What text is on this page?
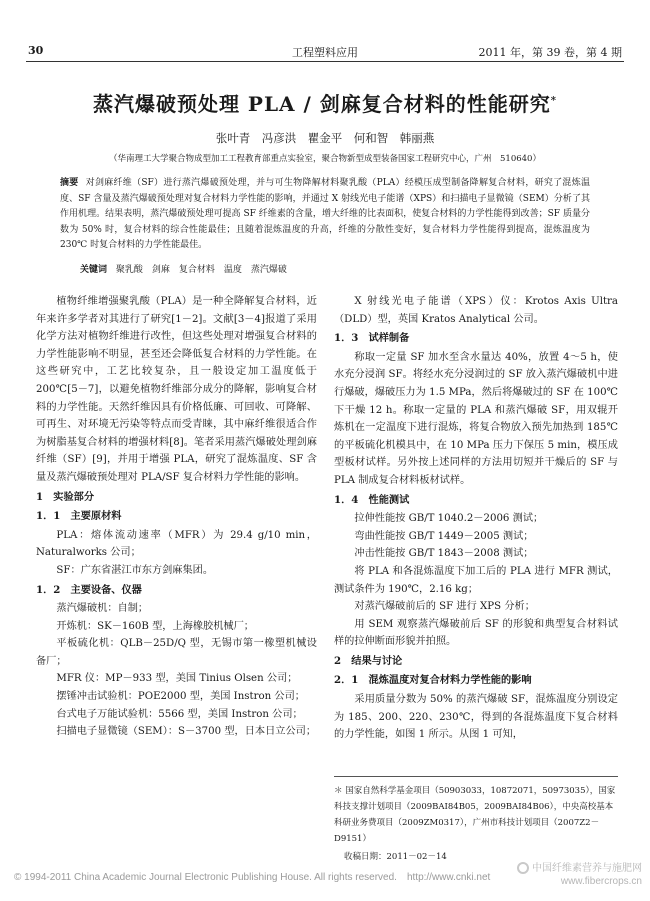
30	工程塑料应用	2011 年，第 39 卷，第 4 期
蒸汽爆破预处理 PLA / 剑麻复合材料的性能研究*
张叶青　冯彦洪　瞿金平　何和智　韩丽燕
（华南理工大学聚合物成型加工工程教育部重点实验室，聚合物新型成型装备国家工程研究中心，广州　510640）
摘要 对剑麻纤维（SF）进行蒸汽爆破预处理，并与可生物降解材料聚乳酸（PLA）经模压成型制备降解复合材料，研究了混炼温度、SF 含量及蒸汽爆破预处理对复合材料力学性能的影响，并通过 X 射线光电子能谱（XPS）和扫描电子显微镜（SEM）分析了其作用机理。结果表明，蒸汽爆破预处理可提高 SF 纤维素的含量，增大纤维的比表面积，使复合材料的力学性能得到改善；SF 质量分数为 50% 时，复合材料的综合性能最佳；且随着混炼温度的升高，纤维的分散性变好，复合材料力学性能得到提高，混炼温度为 230℃ 时复合材料的力学性能最佳。
关键词 聚乳酸　剑麻　复合材料　温度　蒸汽爆破

植物纤维增强聚乳酸（PLA）是一种全降解复合材料，近年来许多学者对其进行了研究[1－2]。文献[3－4]报道了采用化学方法对植物纤维进行改性，但这些处理对增强复合材料的力学性能影响不明显，甚至还会降低复合材料的力学性能。在这些研究中，工艺比较复杂，且一般设定加工温度低于 200℃[5－7]，以避免植物纤维部分成分的降解，影响复合材料的力学性能。天然纤维因具有价格低廉、可回收、可降解、可再生、对环境无污染等特点而受青睐，其中麻纤维很适合作为树脂基复合材料的增强材料[8]。笔者采用蒸汽爆破处理剑麻纤维（SF）[9]，并用于增强 PLA，研究了混炼温度、SF 含量及蒸汽爆破预处理对 PLA/SF 复合材料力学性能的影响。

1　实验部分
1．1　主要原材料

PLA：熔体流动速率（MFR）为 29.4 g/10 min，Naturalworks 公司；

SF：广东省湛江市东方剑麻集团。

1．2　主要设备、仪器

蒸汽爆破机：自制；

开炼机：SK－160B 型，上海橡胶机械厂；

平板硫化机：QLB－25D/Q 型，无锡市第一橡塑机械设备厂；

MFR 仪：MP－933 型，美国 Tinius Olsen 公司；

摆锤冲击试验机：POE2000 型，美国 Instron 公司；

台式电子万能试验机：5566 型，美国 Instron 公司；

扫描电子显微镜（SEM）：S－3700 型，日本日立公司；

X 射线光电子能谱（XPS）仪：Krotos Axis Ultra（DLD）型，英国 Kratos Analytical 公司。

1．3　试样制备

称取一定量 SF 加水至含水量达 40%，放置 4～5 h，使水充分浸润 SF。将经水充分浸润过的 SF 放入蒸汽爆破机中进行爆破，爆破压力为 1.5 MPa，然后将爆破过的 SF 在 100℃ 下干燥 12 h。称取一定量的 PLA 和蒸汽爆破 SF，用双辊开炼机在一定温度下进行混炼，将复合物放入预先加热到 185℃ 的平板硫化机模具中，在 10 MPa 压力下保压 5 min，模压成型板材试样。另外按上述同样的方法用切短并干燥后的 SF 与 PLA 制成复合材料板材试样。

1．4　性能测试

拉伸性能按 GB/T 1040.2－2006 测试；

弯曲性能按 GB/T 1449－2005 测试；

冲击性能按 GB/T 1843－2008 测试；

将 PLA 和各混炼温度下加工后的 PLA 进行 MFR 测试，测试条件为 190℃，2.16 kg；

对蒸汽爆破前后的 SF 进行 XPS 分析；

用 SEM 观察蒸汽爆破前后 SF 的形貌和典型复合材料试样的拉伸断面形貌并拍照。

2　结果与讨论
2．1　混炼温度对复合材料力学性能的影响

采用质量分数为 50% 的蒸汽爆破 SF，混炼温度分别设定为 185、200、220、230℃，得到的各混炼温度下复合材料的力学性能，如图 1 所示。从图 1 可知，

＊ 国家自然科学基金项目（50903033，10872071，50973035），国家科技支撑计划项目（2009BAI84B05，2009BAI84B06），中央高校基本科研业务费项目（2009ZM0317），广州市科技计划项目（2007Z2－D9151）
收稿日期：2011－02－14
© 1994-2011 China Academic Journal Electronic Publishing House. All rights reserved.　http://www.cnki.net
中国纤维素营养与施肥网
www.fibercrops.cn
